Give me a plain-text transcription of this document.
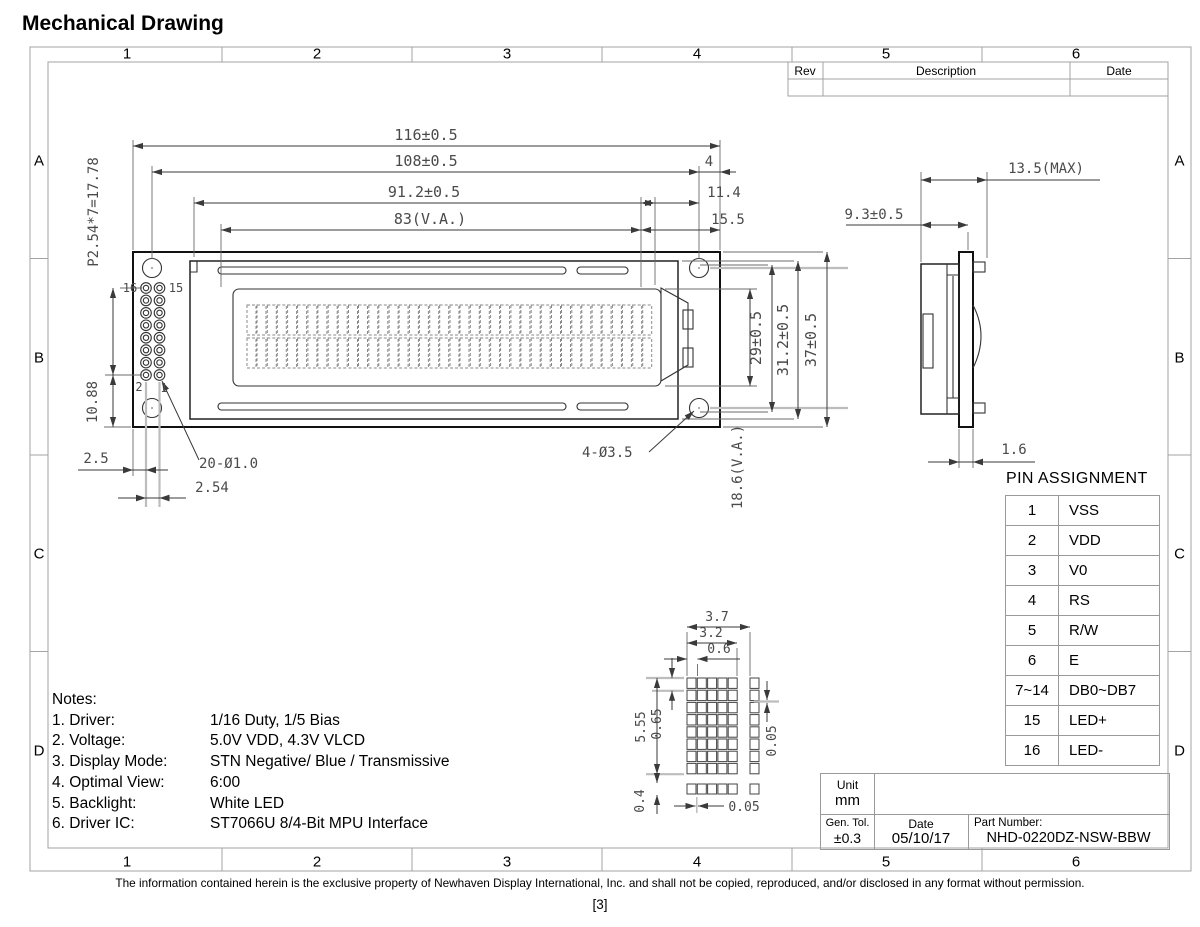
Mechanical Drawing
1	2	3	4	5	6
1	2	3	4	5	6
A
B
C
D
A
B
C
D
Rev	Description	Date
116±0.5
108±0.5	4
91.2±0.5	11.4
83(V.A.)	15.5
18.6(V.A.)
29±0.5 31.2±0.5 37±0.5
P2.54*7=17.78
10.88
2.5
2.54
20-Ø1.0
4-Ø3.5
16	15
2 1
13.5(MAX)
9.3±0.5
1.6
3.7
3.2
0.6
5.55 0.65
0.05
0.05
0.4
PIN ASSIGNMENT
1	VSS
2	VDD
3	V0
4	RS
5	R/W
6	E
7~14	DB0~DB7
15	LED+
16	LED-
Notes:
1. Driver:	1/16 Duty, 1/5 Bias
2. Voltage:	5.0V VDD, 4.3V VLCD
3. Display Mode:	STN Negative/ Blue / Transmissive
4. Optimal View:	6:00
5. Backlight:	White LED
6. Driver IC:	ST7066U 8/4-Bit MPU Interface
Unit
mm
Gen. Tol.
±0.3
Date
05/10/17
Part Number:
NHD-0220DZ-NSW-BBW
The information contained herein is the exclusive property of Newhaven Display International, Inc. and shall not be copied, reproduced, and/or disclosed in any format without permission.
[3]
